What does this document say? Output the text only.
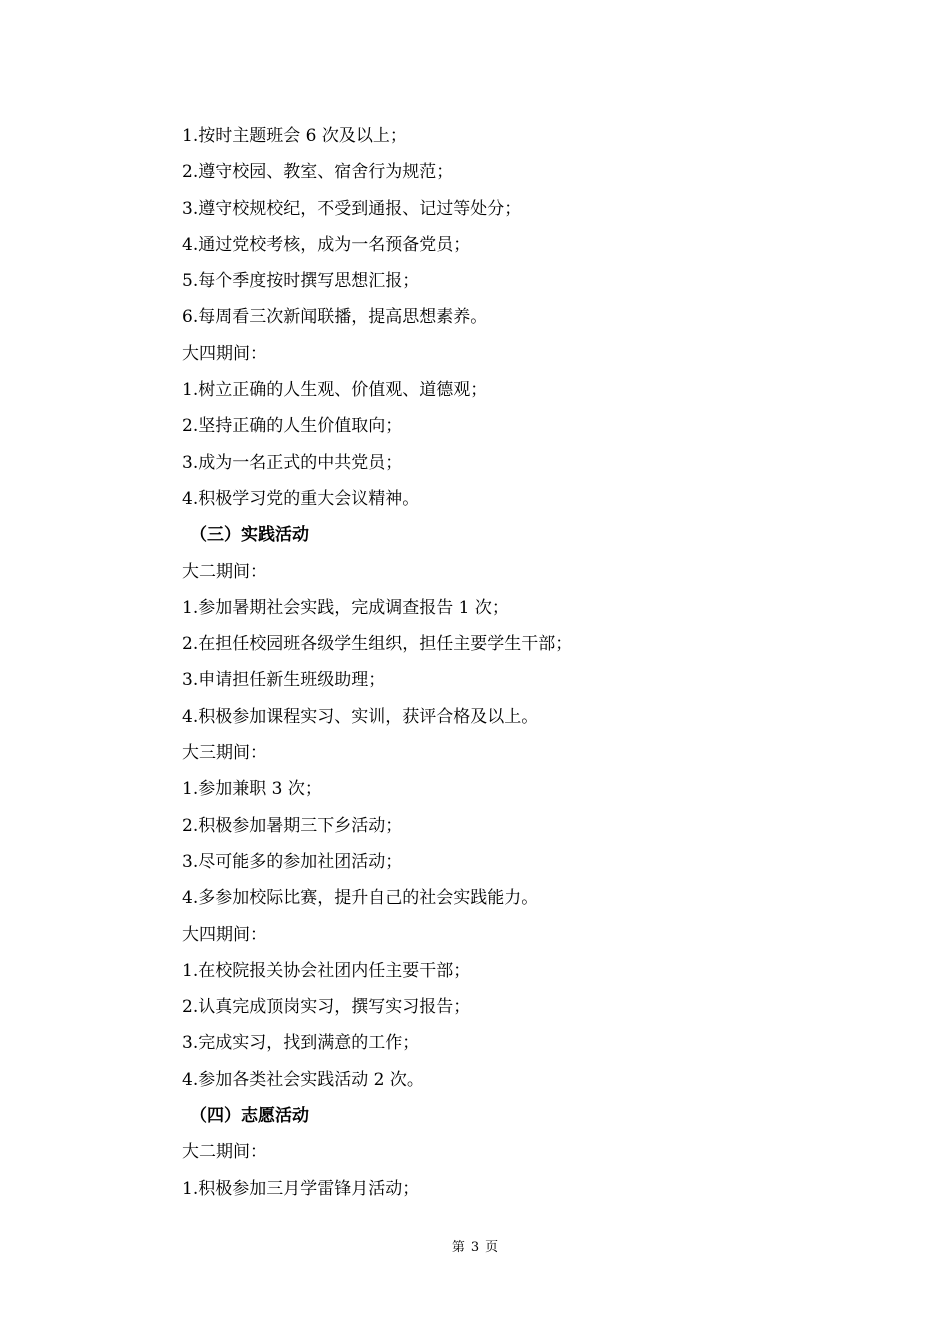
1.按时主题班会 6 次及以上；
2.遵守校园、教室、宿舍行为规范；
3.遵守校规校纪，不受到通报、记过等处分；
4.通过党校考核，成为一名预备党员；
5.每个季度按时撰写思想汇报；
6.每周看三次新闻联播，提高思想素养。
大四期间：
1.树立正确的人生观、价值观、道德观；
2.坚持正确的人生价值取向；
3.成为一名正式的中共党员；
4.积极学习党的重大会议精神。
（三）实践活动
大二期间：
1.参加暑期社会实践，完成调查报告 1 次；
2.在担任校园班各级学生组织，担任主要学生干部；
3.申请担任新生班级助理；
4.积极参加课程实习、实训，获评合格及以上。
大三期间：
1.参加兼职 3 次；
2.积极参加暑期三下乡活动；
3.尽可能多的参加社团活动；
4.多参加校际比赛，提升自己的社会实践能力。
大四期间：
1.在校院报关协会社团内任主要干部；
2.认真完成顶岗实习，撰写实习报告；
3.完成实习，找到满意的工作；
4.参加各类社会实践活动 2 次。
（四）志愿活动
大二期间：
1.积极参加三月学雷锋月活动；
第 3 页
